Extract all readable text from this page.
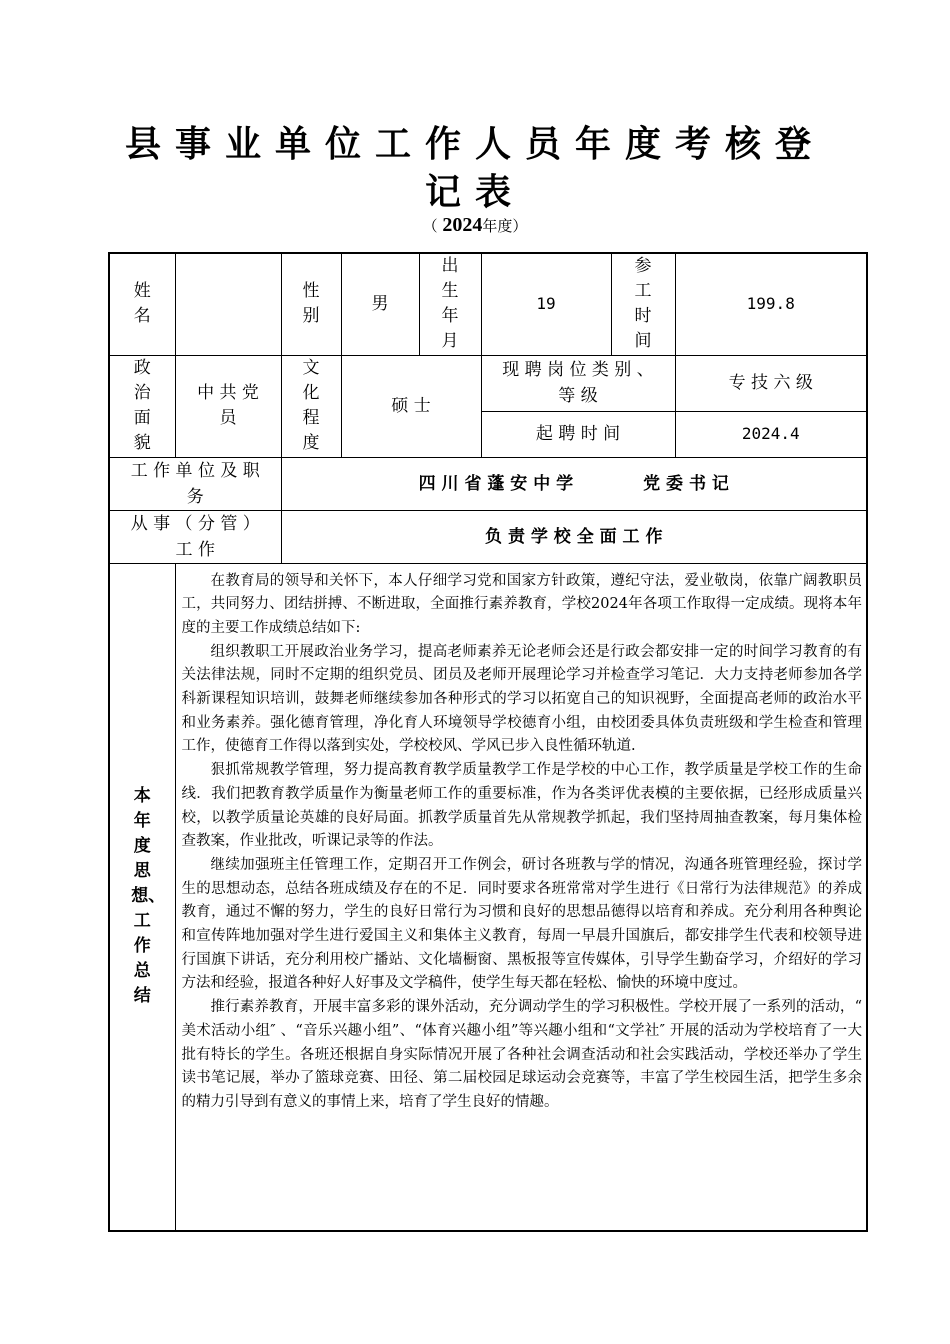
县事业单位工作人员年度考核登
记表
（ 2024年度）
姓名		性别	男	出生年月	19	参工时间	199.8
政治面貌	中 共 党 员	文化程度	硕 士		现 聘 岗 位 类 别 、 等 级		专 技 六 级
					起 聘 时 间		2024.4
工 作 单 位 及 职 务		四 川 省 蓬 安 中 学 党 委 书 记					
从 事 （ 分 管 ）工 作		负 责 学 校 全 面 工 作					
本年度思想、工作总结	在教育局的领导和关怀下，本人仔细学习党和国家方针政策，遵纪守法，爱业敬岗，依靠广阔教职员工，共同努力、团结拼搏、不断进取，全面推行素养教育，学校2024年各项工作取得一定成绩。现将本年度的主要工作成绩总结如下:

组织教职工开展政治业务学习，提高老师素养无论老师会还是行政会都安排一定的时间学习教育的有关法律法规，同时不定期的组织党员、团员及老师开展理论学习并检查学习笔记．大力支持老师参加各学科新课程知识培训，鼓舞老师继续参加各种形式的学习以拓宽自己的知识视野，全面提高老师的政治水平和业务素养。强化德育管理，净化育人环境领导学校德育小组，由校团委具体负责班级和学生检查和管理工作，使德育工作得以落到实处，学校校风、学风已步入良性循环轨道.

狠抓常规教学管理，努力提高教育教学质量教学工作是学校的中心工作，教学质量是学校工作的生命线．我们把教育教学质量作为衡量老师工作的重要标准，作为各类评优表模的主要依据，已经形成质量兴校，以教学质量论英雄的良好局面。抓教学质量首先从常规教学抓起，我们坚持周抽查教案，每月集体检查教案，作业批改，听课记录等的作法。

继续加强班主任管理工作，定期召开工作例会，研讨各班教与学的情况，沟通各班管理经验，探讨学生的思想动态，总结各班成绩及存在的不足．同时要求各班常常对学生进行《日常行为法律规范》的养成教育，通过不懈的努力，学生的良好日常行为习惯和良好的思想品德得以培育和养成。充分利用各种舆论和宣传阵地加强对学生进行爱国主义和集体主义教育，每周一早晨升国旗后，都安排学生代表和校领导进行国旗下讲话，充分利用校广播站、文化墙橱窗、黑板报等宣传媒体，引导学生勤奋学习，介绍好的学习方法和经验，报道各种好人好事及文学稿件，使学生每天都在轻松、愉快的环境中度过。

推行素养教育，开展丰富多彩的课外活动，充分调动学生的学习积极性。学校开展了一系列的活动，“ 美术活动小组″ 、“音乐兴趣小组”、“体育兴趣小组”等兴趣小组和“文学社″ 开展的活动为学校培育了一大批有特长的学生。各班还根据自身实际情况开展了各种社会调查活动和社会实践活动，学校还举办了学生读书笔记展，举办了篮球竞赛、田径、第二届校园足球运动会竞赛等，丰富了学生校园生活，把学生多余的精力引导到有意义的事情上来，培育了学生良好的情趣。						
